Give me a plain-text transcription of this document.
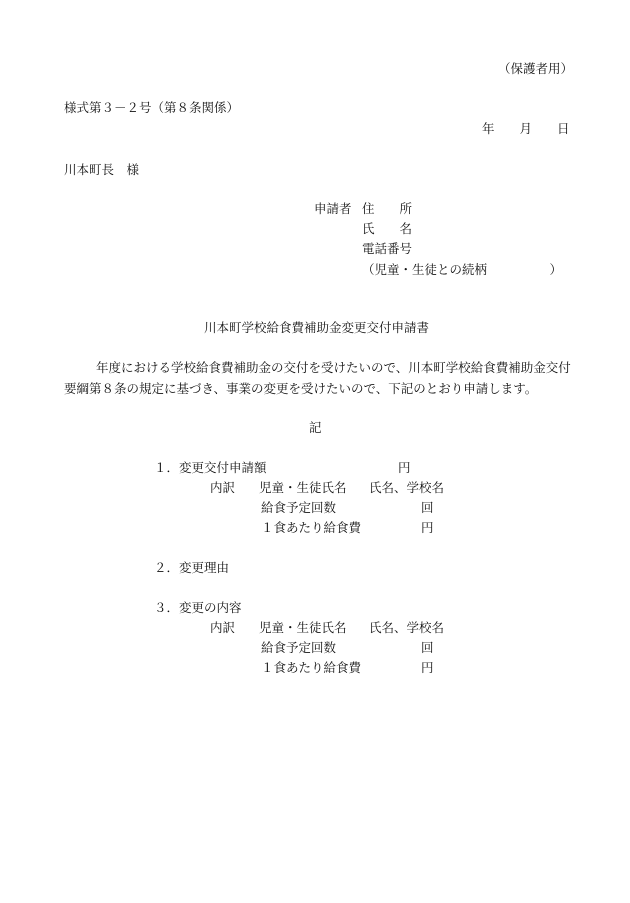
（保護者用）
様式第３－２号（第８条関係）
年　　月　　日
川本町長　様
申請者 住　　所
氏　　名
電話番号
（児童・生徒との続柄　　　　　）
川本町学校給食費補助金変更交付申請書
年度における学校給食費補助金の交付を受けたいので、川本町学校給食費補助金交付
要綱第８条の規定に基づき、事業の変更を受けたいので、下記のとおり申請します。
記
１．変更交付申請額	円
内訳 児童・生徒氏名 氏名、学校名
給食予定回数	回
１食あたり給食費	円
２．変更理由
３．変更の内容
内訳 児童・生徒氏名 氏名、学校名
給食予定回数	回
１食あたり給食費	円
